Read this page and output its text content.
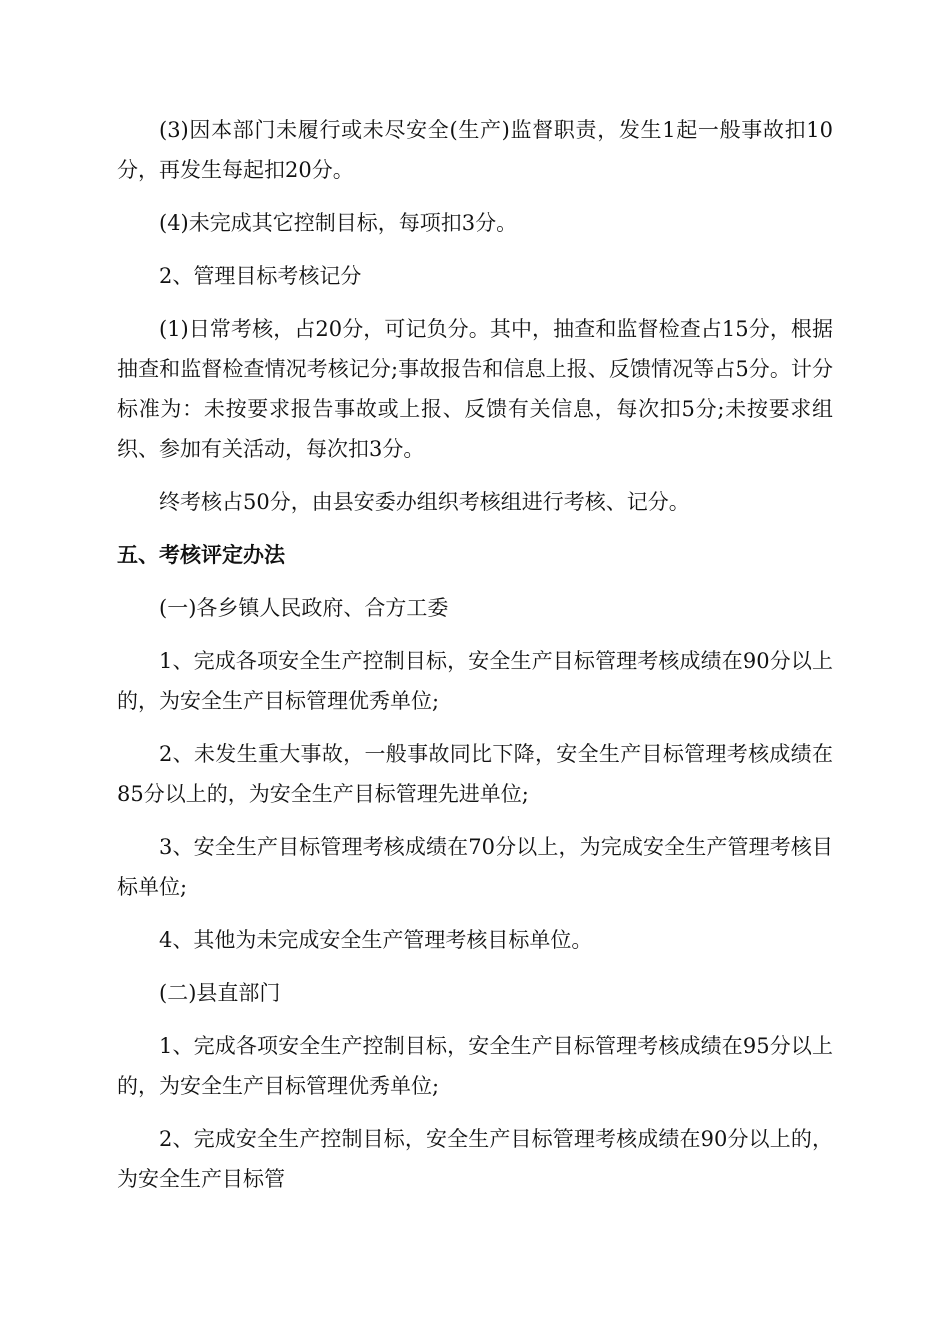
(3)因本部门未履行或未尽安全(生产)监督职责，发生1起一般事故扣10分，再发生每起扣20分。

(4)未完成其它控制目标，每项扣3分。

2、管理目标考核记分

(1)日常考核，占20分，可记负分。其中，抽查和监督检查占15分，根据抽查和监督检查情况考核记分;事故报告和信息上报、反馈情况等占5分。计分标准为：未按要求报告事故或上报、反馈有关信息，每次扣5分;未按要求组织、参加有关活动，每次扣3分。

终考核占50分，由县安委办组织考核组进行考核、记分。

五、考核评定办法

(一)各乡镇人民政府、合方工委

1、完成各项安全生产控制目标，安全生产目标管理考核成绩在90分以上的，为安全生产目标管理优秀单位;

2、未发生重大事故，一般事故同比下降，安全生产目标管理考核成绩在85分以上的，为安全生产目标管理先进单位;

3、安全生产目标管理考核成绩在70分以上，为完成安全生产管理考核目标单位;

4、其他为未完成安全生产管理考核目标单位。

(二)县直部门

1、完成各项安全生产控制目标，安全生产目标管理考核成绩在95分以上的，为安全生产目标管理优秀单位;

2、完成安全生产控制目标，安全生产目标管理考核成绩在90分以上的，为安全生产目标管
